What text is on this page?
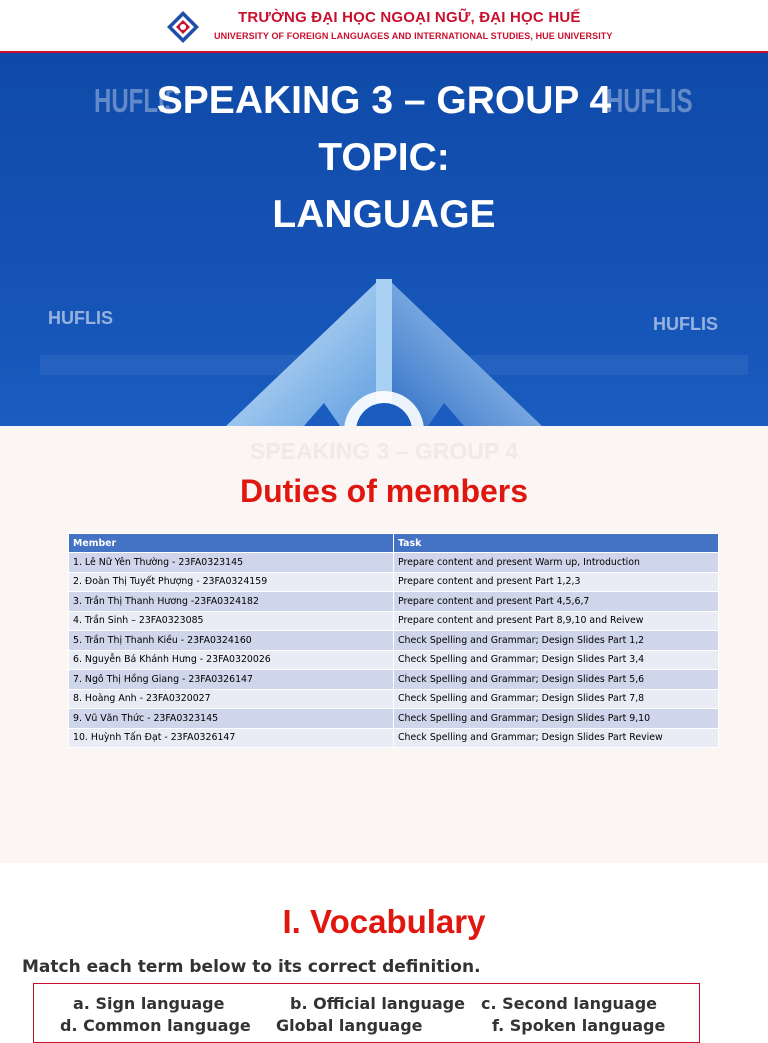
HUFLIS	HUFLIS
HUFLIS	HUFLIS
TRƯỜNG ĐẠI HỌC NGOẠI NGỮ, ĐẠI HỌC HUẾ
UNIVERSITY OF FOREIGN LANGUAGES AND INTERNATIONAL STUDIES, HUE UNIVERSITY
SPEAKING 3 – GROUP 4
TOPIC:
LANGUAGE
SPEAKING 3 – GROUP 4
Duties of members
Member	Task
1. Lê Nữ Yên Thường - 23FA0323145	Prepare content and present Warm up, Introduction
2. Đoàn Thị Tuyết Phượng - 23FA0324159	Prepare content and present Part 1,2,3
3. Trần Thị Thanh Hương -23FA0324182	Prepare content and present Part 4,5,6,7
4. Trần Sinh – 23FA0323085	Prepare content and present Part 8,9,10 and Reivew
5. Trần Thị Thanh Kiều - 23FA0324160	Check Spelling and Grammar; Design Slides Part 1,2
6. Nguyễn Bá Khánh Hưng - 23FA0320026	Check Spelling and Grammar; Design Slides Part 3,4
7. Ngô Thị Hồng Giang - 23FA0326147	Check Spelling and Grammar; Design Slides Part 5,6
8. Hoàng Anh - 23FA0320027	Check Spelling and Grammar; Design Slides Part 7,8
9. Vũ Văn Thức - 23FA0323145	Check Spelling and Grammar; Design Slides Part 9,10
10. Huỳnh Tấn Đạt - 23FA0326147	Check Spelling and Grammar; Design Slides Part Review
I. Vocabulary
Match each term below to its correct definition.
a. Sign language	b. Official language c. Second language
d. Common language Global language	f. Spoken language
